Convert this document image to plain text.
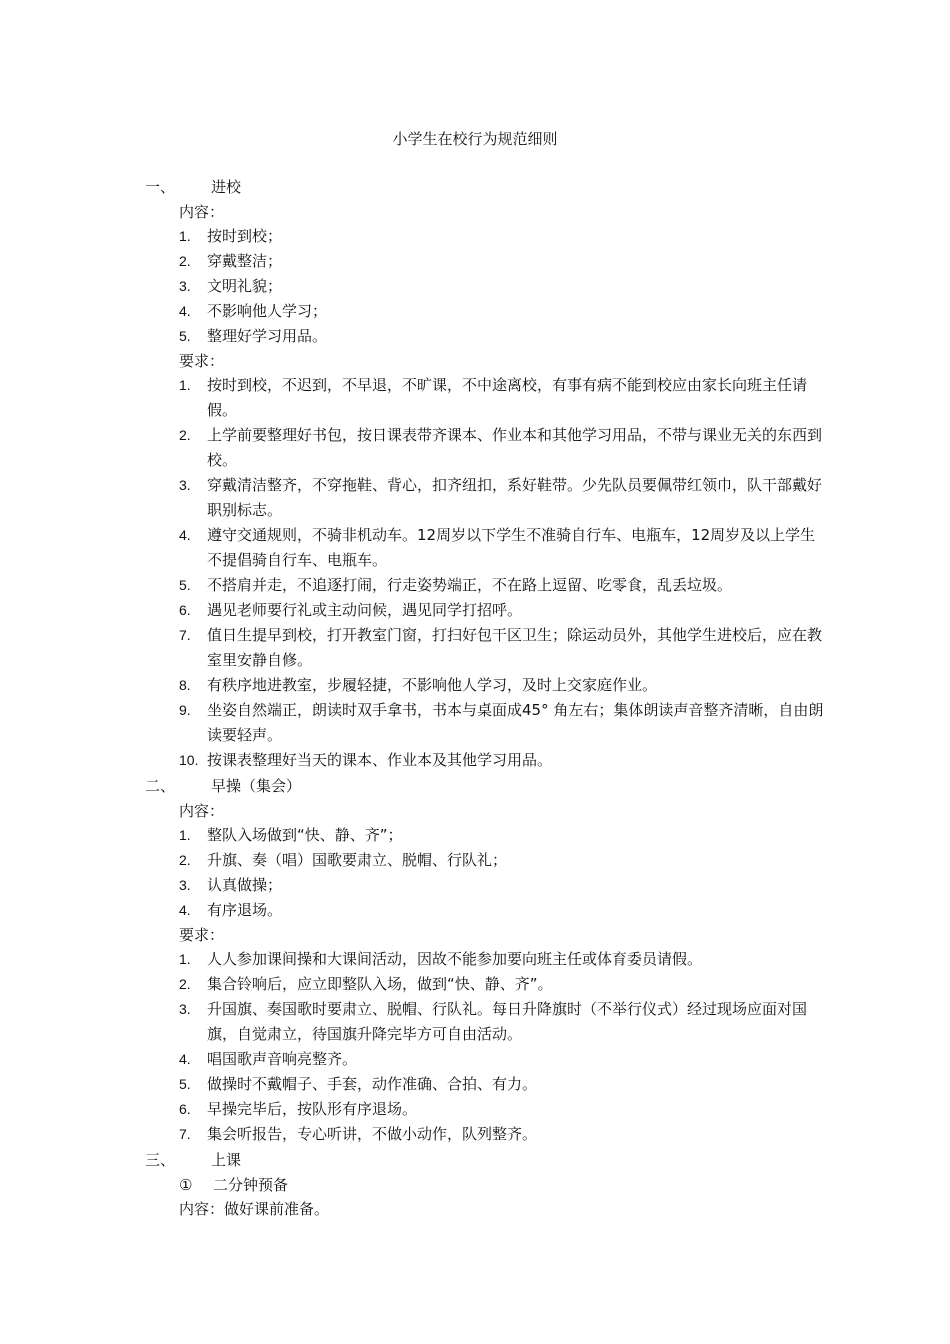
小学生在校行为规范细则
一、 进校
内容：
1. 按时到校；
2. 穿戴整洁；
3. 文明礼貌；
4. 不影响他人学习；
5. 整理好学习用品。
要求：
1. 按时到校，不迟到，不早退，不旷课，不中途离校，有事有病不能到校应由家长向班主任请假。
2. 上学前要整理好书包，按日课表带齐课本、作业本和其他学习用品，不带与课业无关的东西到校。
3. 穿戴清洁整齐，不穿拖鞋、背心，扣齐纽扣，系好鞋带。少先队员要佩带红领巾，队干部戴好职别标志。
4. 遵守交通规则，不骑非机动车。12周岁以下学生不准骑自行车、电瓶车，12周岁及以上学生不提倡骑自行车、电瓶车。
5. 不搭肩并走，不追逐打闹，行走姿势端正，不在路上逗留、吃零食，乱丢垃圾。
6. 遇见老师要行礼或主动问候，遇见同学打招呼。
7. 值日生提早到校，打开教室门窗，打扫好包干区卫生；除运动员外，其他学生进校后，应在教室里安静自修。
8. 有秩序地进教室，步履轻捷，不影响他人学习，及时上交家庭作业。
9. 坐姿自然端正，朗读时双手拿书，书本与桌面成45° 角左右；集体朗读声音整齐清晰，自由朗读要轻声。
10. 按课表整理好当天的课本、作业本及其他学习用品。
二、 早操（集会）
内容：
1. 整队入场做到“快、静、齐”；
2. 升旗、奏（唱）国歌要肃立、脱帽、行队礼；
3. 认真做操；
4. 有序退场。
要求：
1. 人人参加课间操和大课间活动，因故不能参加要向班主任或体育委员请假。
2. 集合铃响后，应立即整队入场，做到“快、静、齐”。
3. 升国旗、奏国歌时要肃立、脱帽、行队礼。每日升降旗时（不举行仪式）经过现场应面对国旗，自觉肃立，待国旗升降完毕方可自由活动。
4. 唱国歌声音响亮整齐。
5. 做操时不戴帽子、手套，动作准确、合拍、有力。
6. 早操完毕后，按队形有序退场。
7. 集会听报告，专心听讲，不做小动作，队列整齐。
三、 上课
① 二分钟预备
内容：做好课前准备。
